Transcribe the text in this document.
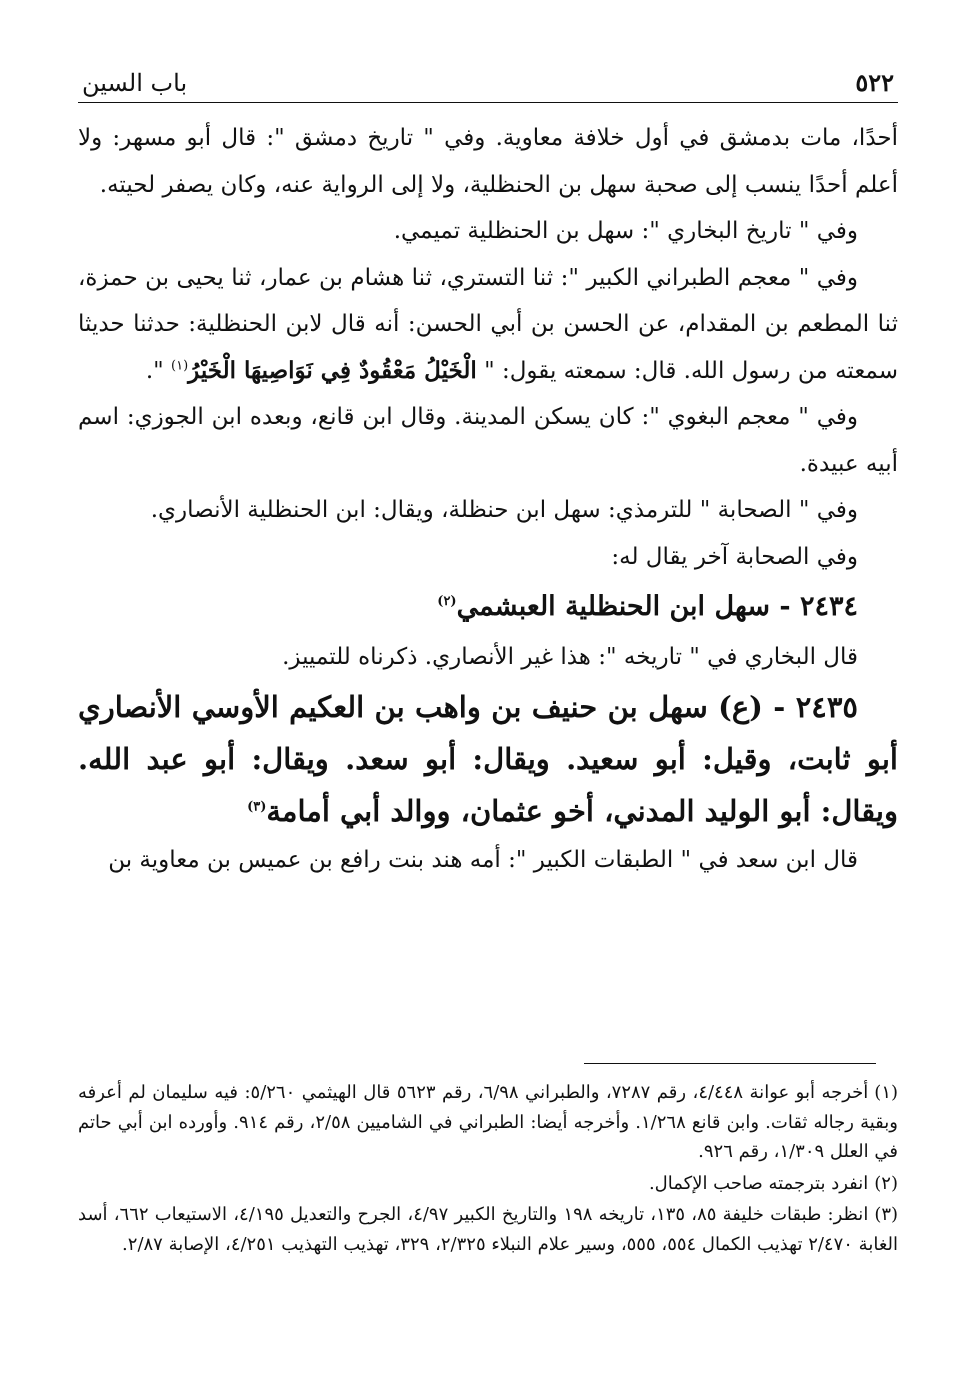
٥٢٢
باب السين

أحدًا، مات بدمشق في أول خلافة معاوية. وفي " تاريخ دمشق ": قال أبو مسهر: ولا أعلم أحدًا ينسب إلى صحبة سهل بن الحنظلية، ولا إلى الرواية عنه، وكان يصفر لحيته.

وفي " تاريخ البخاري ": سهل بن الحنظلية تميمي.

وفي " معجم الطبراني الكبير ": ثنا التستري، ثنا هشام بن عمار، ثنا يحيى بن حمزة، ثنا المطعم بن المقدام، عن الحسن بن أبي الحسن: أنه قال لابن الحنظلية: حدثنا حديثا سمعته من رسول الله. قال: سمعته يقول: " الْخَيْلُ مَعْقُودٌ فِي نَوَاصِيهَا الْخَيْرُ$^{(١)}$ ".

وفي " معجم البغوي ": كان يسكن المدينة. وقال ابن قانع، وبعده ابن الجوزي: اسم أبيه عبيدة.

وفي " الصحابة " للترمذي: سهل ابن حنظلة، ويقال: ابن الحنظلية الأنصاري.

وفي الصحابة آخر يقال له:

٢٤٣٤ - سهل ابن الحنظلية العبشمي$^{(٢)}$

قال البخاري في " تاريخه ": هذا غير الأنصاري. ذكرناه للتمييز.

٢٤٣٥ - (ع) سهل بن حنيف بن واهب بن العكيم الأوسي الأنصاري أبو ثابت، وقيل: أبو سعيد. ويقال: أبو سعد. ويقال: أبو عبد الله. ويقال: أبو الوليد المدني، أخو عثمان، ووالد أبي أمامة$^{(٣)}$

قال ابن سعد في " الطبقات الكبير ": أمه هند بنت رافع بن عميس بن معاوية بن

(١)أخرجه أبو عوانة ٤/٤٤٨، رقم ٧٢٨٧، والطبراني ٦/٩٨، رقم ٥٦٢٣ قال الهيثمي ٥/٢٦٠: فيه سليمان لم أعرفه وبقية رجاله ثقات. وابن قانع ١/٢٦٨. وأخرجه أيضا: الطبراني في الشاميين ٢/٥٨، رقم ٩١٤. وأورده ابن أبي حاتم في العلل ١/٣٠٩، رقم ٩٢٦.

(٢)انفرد بترجمته صاحب الإكمال.

(٣)انظر: طبقات خليفة ٨٥، ١٣٥، تاريخه ١٩٨ والتاريخ الكبير ٤/٩٧، الجرح والتعديل ٤/١٩٥، الاستيعاب ٦٦٢، أسد الغابة ٢/٤٧٠ تهذيب الكمال ٥٥٤، ٥٥٥، وسير علام النبلاء ٢/٣٢٥، ٣٢٩، تهذيب التهذيب ٤/٢٥١، الإصابة ٢/٨٧.
